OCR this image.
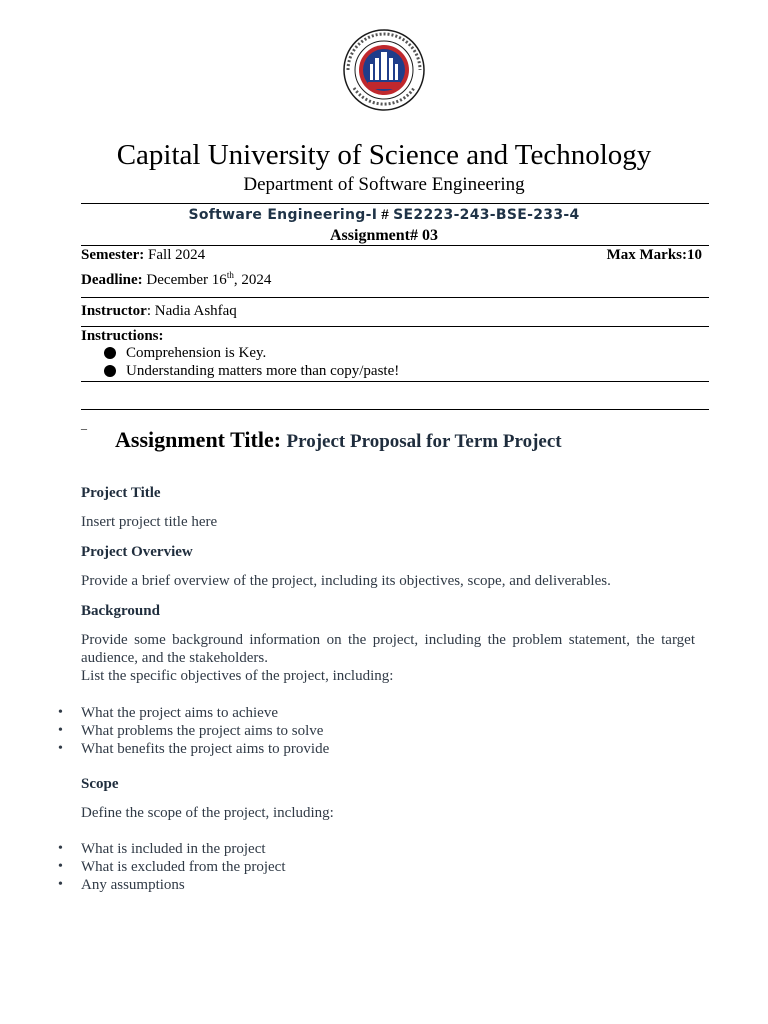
Capital University of Science and Technology
Department of Software Engineering
Software Engineering-I # SE2223-243-BSE-233-4
Assignment# 03
Semester: Fall 2024	Max Marks:10
Deadline: December 16th, 2024
Instructor: Nadia Ashfaq
Instructions:
Comprehension is Key.
Understanding matters more than copy/paste!
_
Assignment Title: Project Proposal for Term Project
Project Title
Insert project title here
Project Overview
Provide a brief overview of the project, including its objectives, scope, and deliverables.
Background
Provide some background information on the project, including the problem statement, the target audience, and the stakeholders.
List the specific objectives of the project, including:
• What the project aims to achieve
• What problems the project aims to solve
• What benefits the project aims to provide
Scope
Define the scope of the project, including:
• What is included in the project
• What is excluded from the project
• Any assumptions
